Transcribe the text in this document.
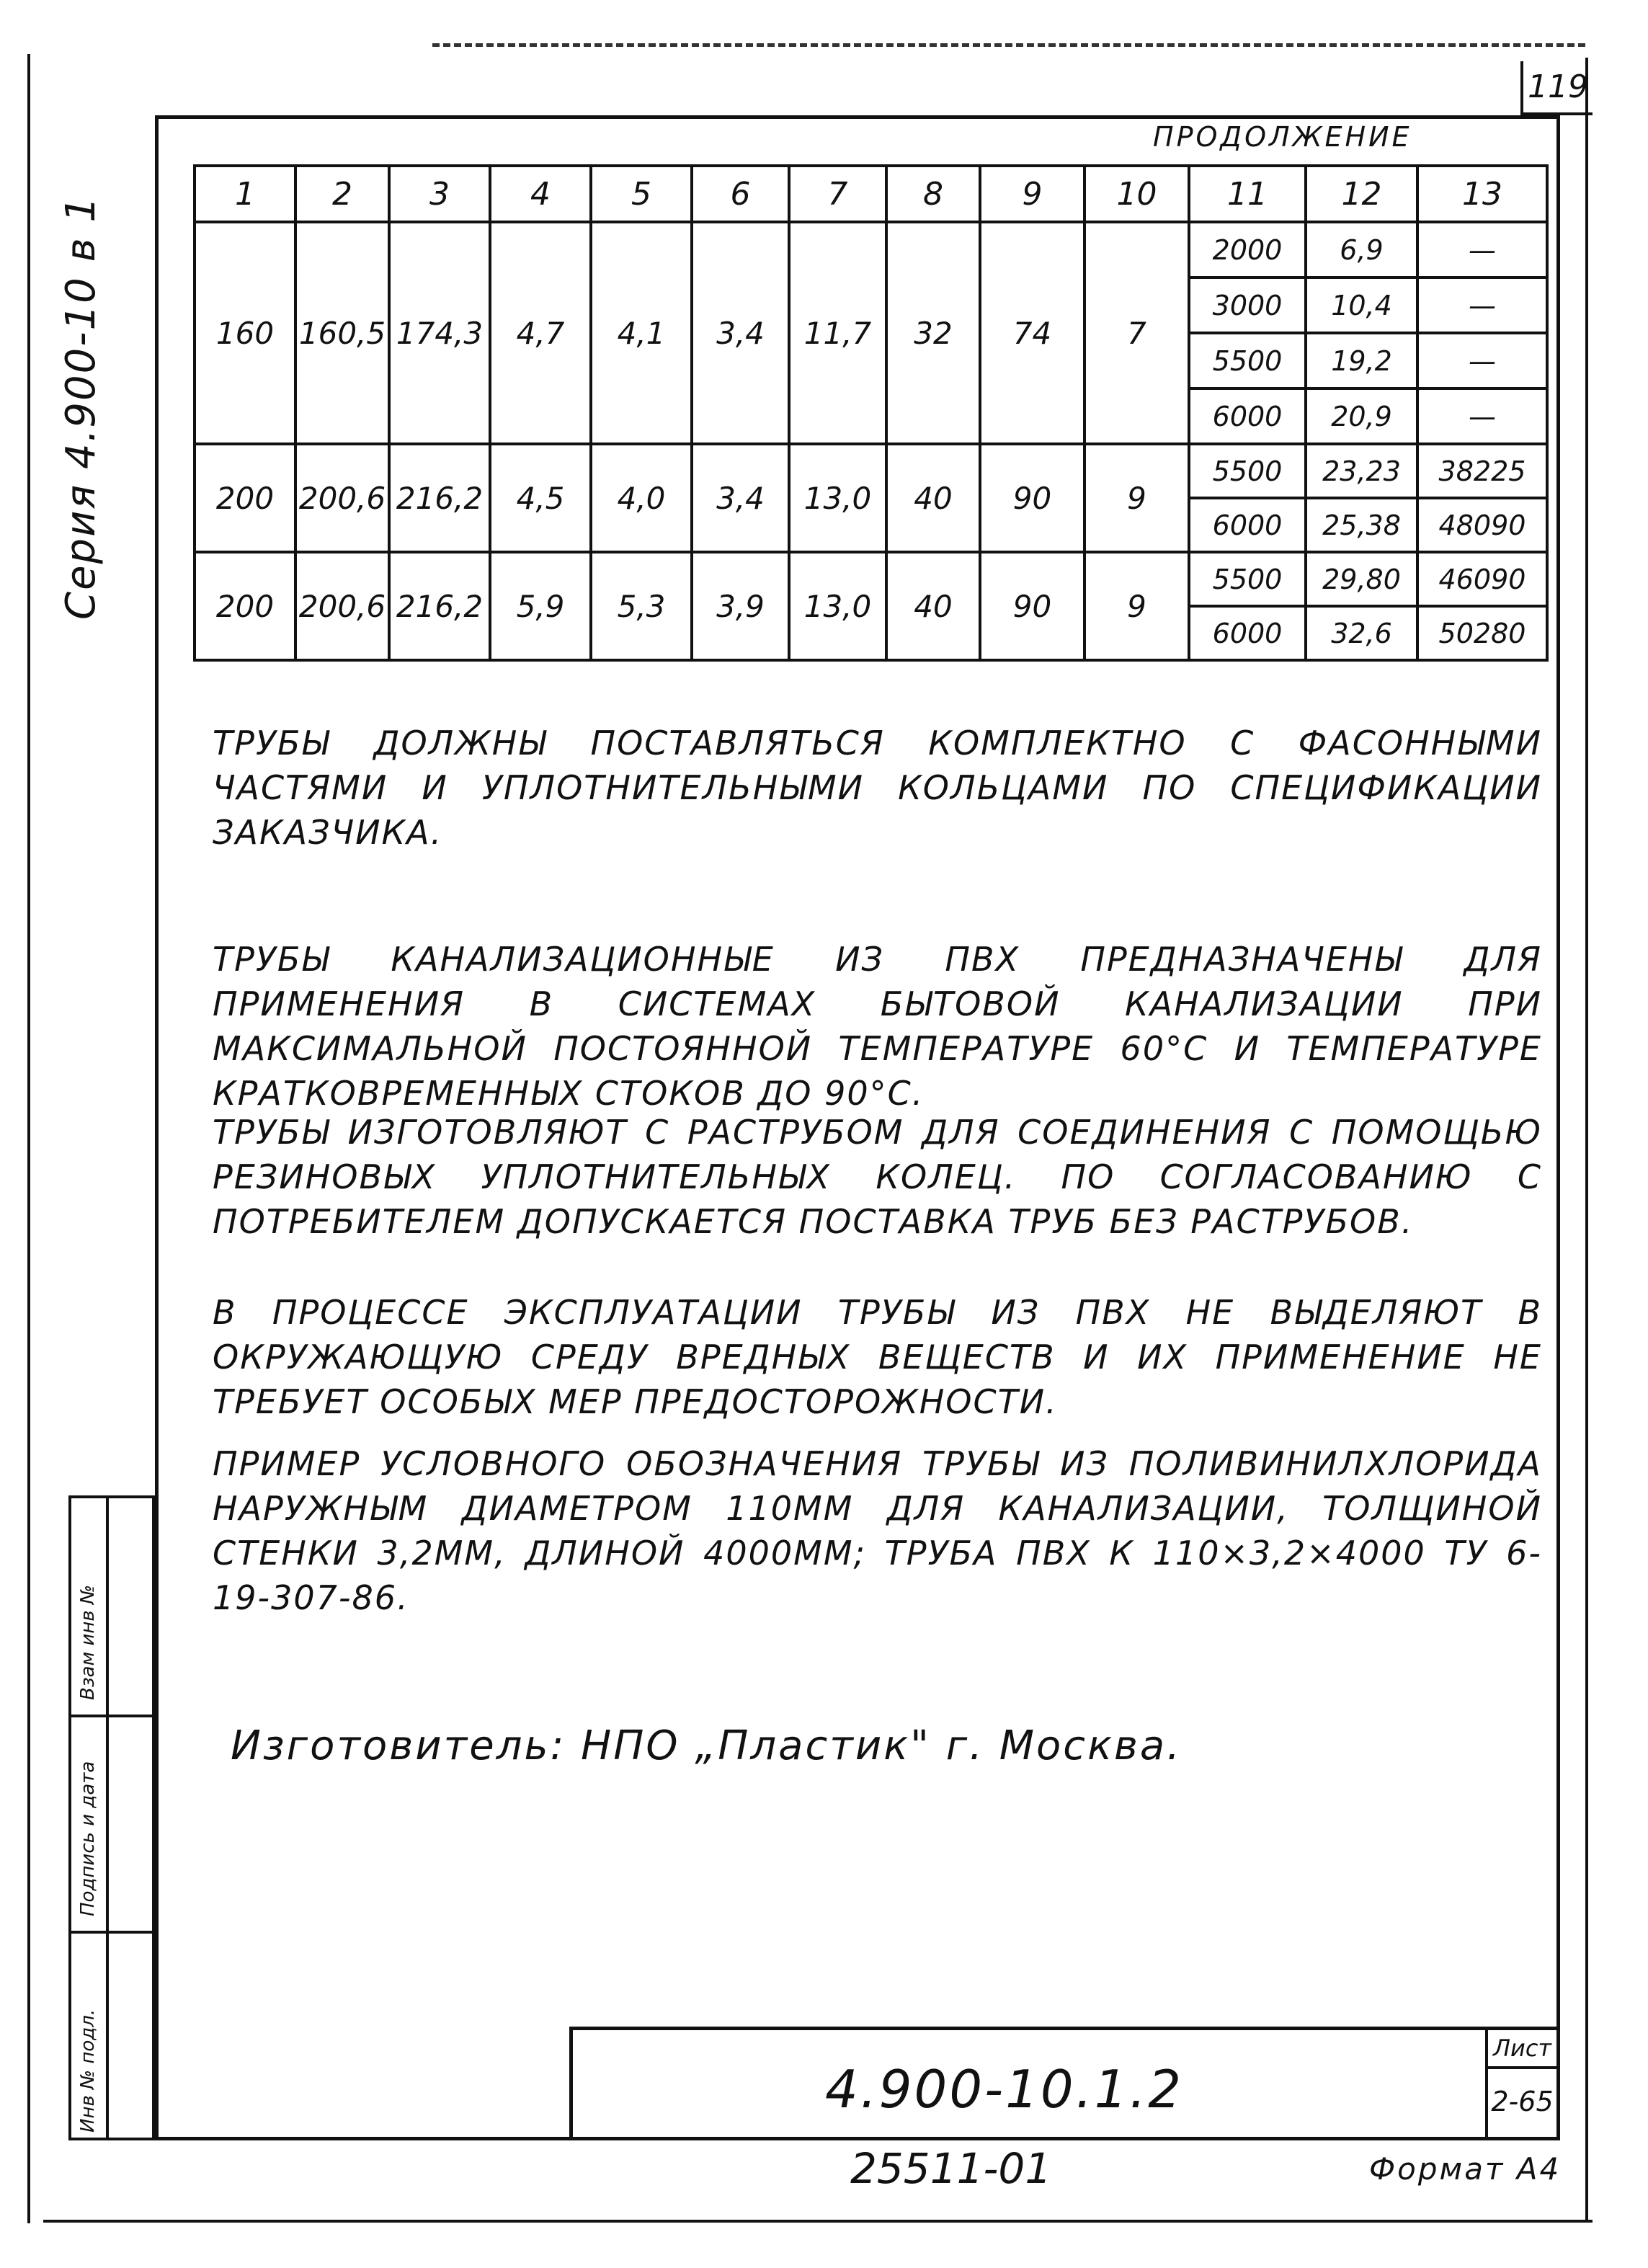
119
Серия 4.900-10 в 1
ПРОДОЛЖЕНИЕ
1	2	3	4	5	6	7	8	9	10	11	12	13
160	160,5	174,3	4,7	4,1	3,4	11,7	32	74	7	2000	6,9	—
										3000	10,4	—
										5500	19,2	—
										6000	20,9	—
200	200,6	216,2	4,5	4,0	3,4	13,0	40	90	9	5500	23,23	38225
										6000	25,38	48090
200	200,6	216,2	5,9	5,3	3,9	13,0	40	90	9	5500	29,80	46090
										6000	32,6	50280
ТРУБЫ ДОЛЖНЫ ПОСТАВЛЯТЬСЯ КОМПЛЕКТНО С ФАСОННЫМИ ЧАСТЯМИ И УПЛОТНИТЕЛЬНЫМИ КОЛЬЦАМИ ПО СПЕЦИФИКАЦИИ ЗАКАЗЧИКА.
ТРУБЫ КАНАЛИЗАЦИОННЫЕ ИЗ ПВХ ПРЕДНАЗНАЧЕНЫ ДЛЯ ПРИМЕНЕНИЯ В СИСТЕМАХ БЫТОВОЙ КАНАЛИЗАЦИИ ПРИ МАКСИМАЛЬНОЙ ПОСТОЯННОЙ ТЕМПЕРАТУРЕ 60°С И ТЕМПЕРАТУРЕ КРАТКОВРЕМЕННЫХ СТОКОВ ДО 90°С.
ТРУБЫ ИЗГОТОВЛЯЮТ С РАСТРУБОМ ДЛЯ СОЕДИНЕНИЯ С ПОМОЩЬЮ РЕЗИНОВЫХ УПЛОТНИТЕЛЬНЫХ КОЛЕЦ. ПО СОГЛАСОВАНИЮ С ПОТРЕБИТЕЛЕМ ДОПУСКАЕТСЯ ПОСТАВКА ТРУБ БЕЗ РАСТРУБОВ.
В ПРОЦЕССЕ ЭКСПЛУАТАЦИИ ТРУБЫ ИЗ ПВХ НЕ ВЫДЕЛЯЮТ В ОКРУЖАЮЩУЮ СРЕДУ ВРЕДНЫХ ВЕЩЕСТВ И ИХ ПРИМЕНЕНИЕ НЕ ТРЕБУЕТ ОСОБЫХ МЕР ПРЕДОСТОРОЖНОСТИ.
ПРИМЕР УСЛОВНОГО ОБОЗНАЧЕНИЯ ТРУБЫ ИЗ ПОЛИВИНИЛХЛОРИДА НАРУЖНЫМ ДИАМЕТРОМ 110ММ ДЛЯ КАНАЛИЗАЦИИ, ТОЛЩИНОЙ СТЕНКИ 3,2ММ, ДЛИНОЙ 4000ММ; ТРУБА ПВХ К 110×3,2×4000 ТУ 6-19-307-86.
Изготовитель: НПО „Пластик" г. Москва.
Взам инв №
Подпись и дата
Инв № подл.	4.900-10.1.2
Лист
2-65
25511-01	Формат А4
